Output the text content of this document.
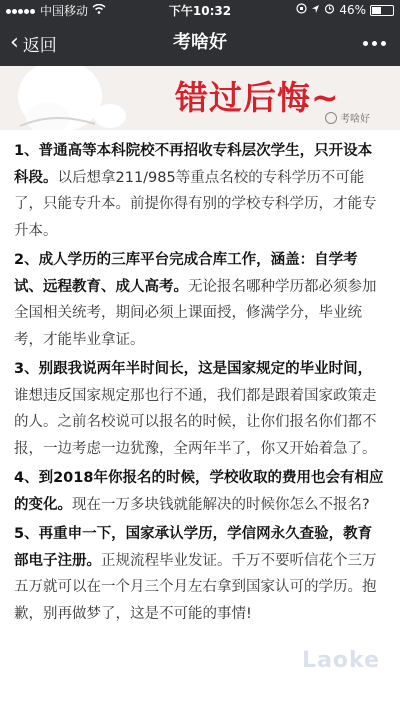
中国移动	下午10:32	46%
‹ 返回	考啥好
错过后悔~
考啥好

1、普通高等本科院校不再招收专科层次学生，只开设本科段。以后想拿211/985等重点名校的专科学历不可能了，只能专升本。前提你得有别的学校专科学历，才能专升本。

2、成人学历的三库平台完成合库工作，涵盖：自学考试、远程教育、成人高考。无论报名哪种学历都必须参加全国相关统考，期间必须上课面授，修满学分，毕业统考，才能毕业拿证。

3、别跟我说两年半时间长，这是国家规定的毕业时间，谁想违反国家规定那也行不通，我们都是跟着国家政策走的人。之前名校说可以报名的时候，让你们报名你们都不报，一边考虑一边犹豫，全两年半了，你又开始着急了。

4、到2018年你报名的时候，学校收取的费用也会有相应的变化。现在一万多块钱就能解决的时候你怎么不报名?

5、再重申一下，国家承认学历，学信网永久查验，教育部电子注册。正规流程毕业发证。千万不要听信花个三万五万就可以在一个月三个月左右拿到国家认可的学历。抱歉，别再做梦了，这是不可能的事情!

Laoke
